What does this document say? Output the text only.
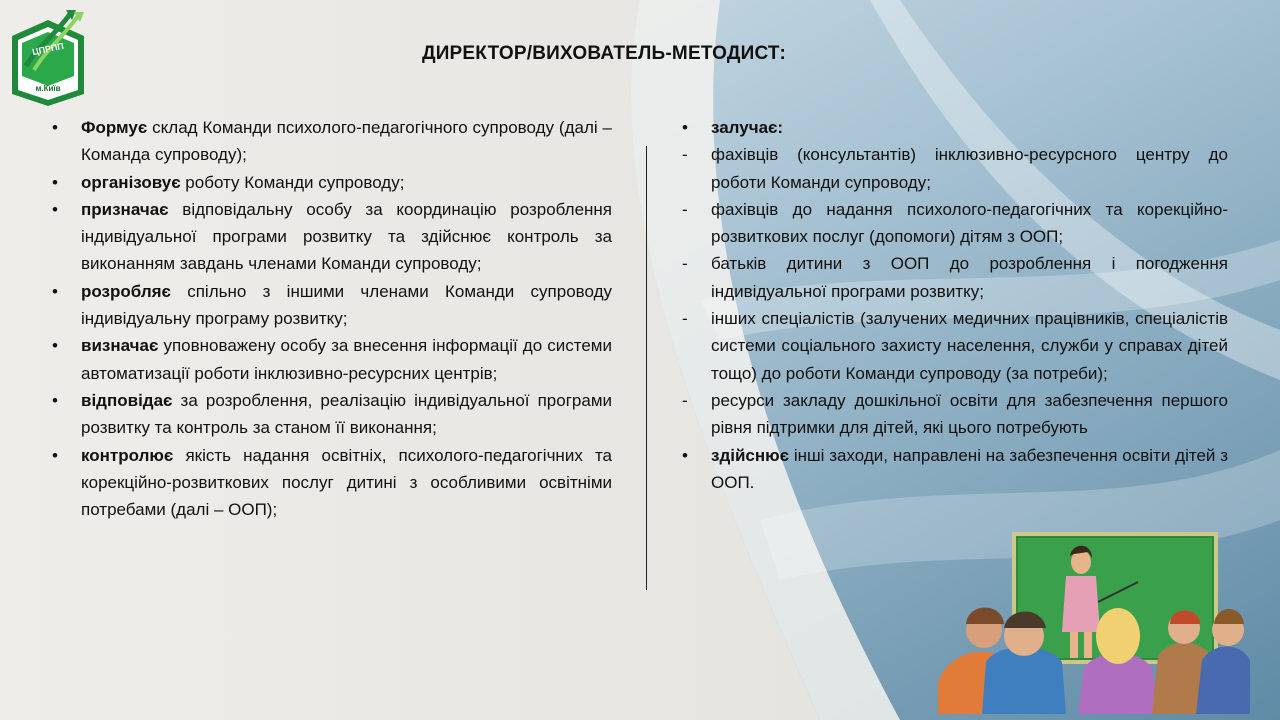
ЦПРПП
м.Київ
ДИРЕКТОР/ВИХОВАТЕЛЬ-МЕТОДИСТ:
•	Формує склад Команди психолого-педагогічного супроводу (далі – Команда супроводу);
•	організовує роботу Команди супроводу;
•	призначає відповідальну особу за координацію розроблення індивідуальної програми розвитку та здійснює контроль за виконанням завдань членами Команди супроводу;
•	розробляє спільно з іншими членами Команди супроводу індивідуальну програму розвитку;
•	визначає уповноважену особу за внесення інформації до системи автоматизації роботи інклюзивно-ресурсних центрів;
•	відповідає за розроблення, реалізацію індивідуальної програми розвитку та контроль за станом її виконання;
•	контролює якість надання освітніх, психолого-педагогічних та корекційно-розвиткових послуг дитині з особливими освітніми потребами (далі – ООП);
•	залучає:
-	фахівців (консультантів) інклюзивно-ресурсного центру до роботи Команди супроводу;
-	фахівців до надання психолого-педагогічних та корекційно-розвиткових послуг (допомоги) дітям з ООП;
-	батьків дитини з ООП до розроблення і погодження індивідуальної програми розвитку;
-	інших спеціалістів (залучених медичних працівників, спеціалістів системи соціального захисту населення, служби у справах дітей тощо) до роботи Команди супроводу (за потреби);
-	ресурси закладу дошкільної освіти для забезпечення першого рівня підтримки для дітей, які цього потребують
•	здійснює інші заходи, направлені на забезпечення освіти дітей з ООП.
